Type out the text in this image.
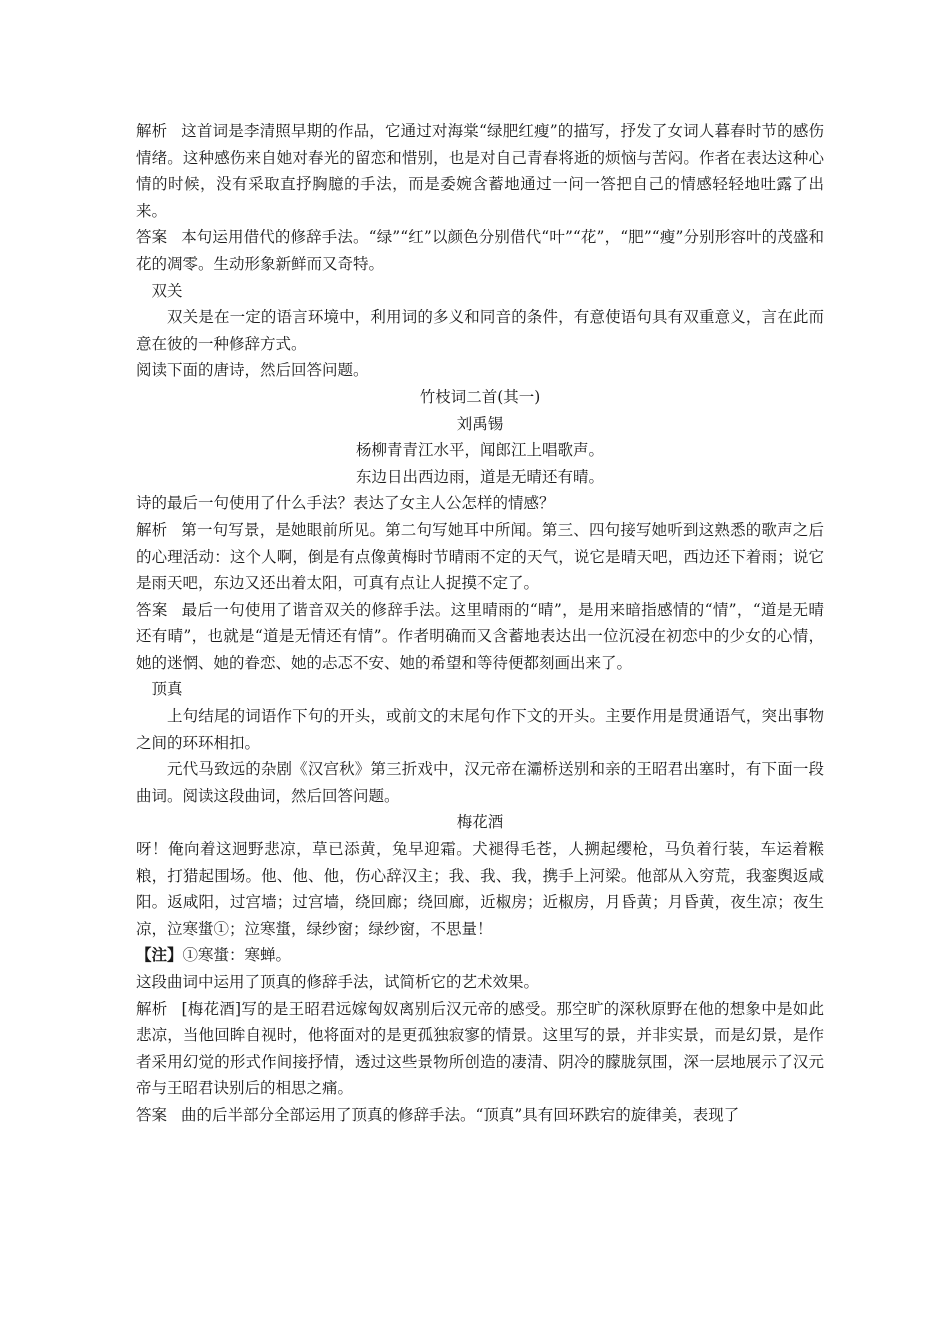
解析 这首词是李清照早期的作品，它通过对海棠“绿肥红瘦”的描写，抒发了女词人暮春时节的感伤情绪。这种感伤来自她对春光的留恋和惜别，也是对自己青春将逝的烦恼与苦闷。作者在表达这种心情的时候，没有采取直抒胸臆的手法，而是委婉含蓄地通过一问一答把自己的情感轻轻地吐露了出来。

答案 本句运用借代的修辞手法。“绿”“红”以颜色分别借代“叶”“花”，“肥”“瘦”分别形容叶的茂盛和花的凋零。生动形象新鲜而又奇特。

双关

双关是在一定的语言环境中，利用词的多义和同音的条件，有意使语句具有双重意义，言在此而意在彼的一种修辞方式。

阅读下面的唐诗，然后回答问题。

竹枝词二首(其一)

刘禹锡

杨柳青青江水平，闻郎江上唱歌声。

东边日出西边雨，道是无晴还有晴。

诗的最后一句使用了什么手法？表达了女主人公怎样的情感？

解析 第一句写景，是她眼前所见。第二句写她耳中所闻。第三、四句接写她听到这熟悉的歌声之后的心理活动：这个人啊，倒是有点像黄梅时节晴雨不定的天气，说它是晴天吧，西边还下着雨；说它是雨天吧，东边又还出着太阳，可真有点让人捉摸不定了。

答案 最后一句使用了谐音双关的修辞手法。这里晴雨的“晴”，是用来暗指感情的“情”，“道是无晴还有晴”，也就是“道是无情还有情”。作者明确而又含蓄地表达出一位沉浸在初恋中的少女的心情，她的迷惘、她的眷恋、她的忐忑不安、她的希望和等待便都刻画出来了。

顶真

上句结尾的词语作下句的开头，或前文的末尾句作下文的开头。主要作用是贯通语气，突出事物之间的环环相扣。

元代马致远的杂剧《汉宫秋》第三折戏中，汉元帝在灞桥送别和亲的王昭君出塞时，有下面一段曲词。阅读这段曲词，然后回答问题。

梅花酒

呀！俺向着这迥野悲凉，草已添黄，兔早迎霜。犬褪得毛苍，人搠起缨枪，马负着行装，车运着糇粮，打猎起围场。他、他、他，伤心辞汉主；我、我、我，携手上河梁。他部从入穷荒，我銮舆返咸阳。返咸阳，过宫墙；过宫墙，绕回廊；绕回廊，近椒房；近椒房，月昏黄；月昏黄，夜生凉；夜生凉，泣寒螀①；泣寒螀，绿纱窗；绿纱窗，不思量！

【注】①寒螀：寒蝉。

这段曲词中运用了顶真的修辞手法，试简析它的艺术效果。

解析 [梅花酒]写的是王昭君远嫁匈奴离别后汉元帝的感受。那空旷的深秋原野在他的想象中是如此悲凉，当他回眸自视时，他将面对的是更孤独寂寥的情景。这里写的景，并非实景，而是幻景，是作者采用幻觉的形式作间接抒情，透过这些景物所创造的凄清、阴冷的朦胧氛围，深一层地展示了汉元帝与王昭君诀别后的相思之痛。

答案 曲的后半部分全部运用了顶真的修辞手法。“顶真”具有回环跌宕的旋律美，表现了
